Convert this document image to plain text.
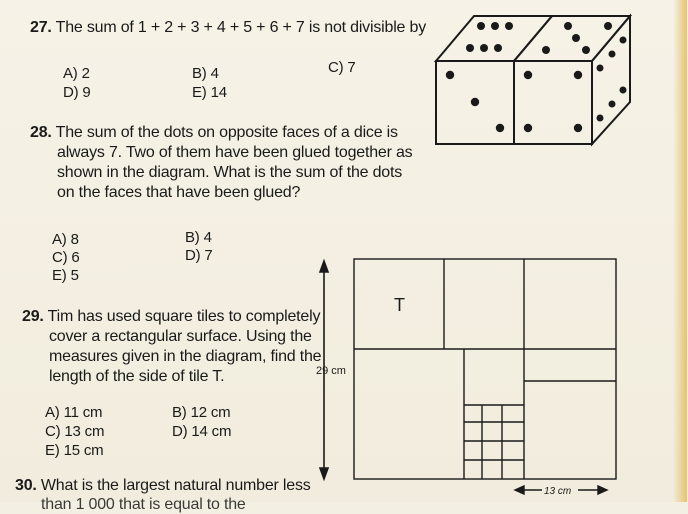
27. The sum of 1 + 2 + 3 + 4 + 5 + 6 + 7 is not divisible by
A) 2	B) 4	C) 7
D) 9	E) 14
28. The sum of the dots on opposite faces of a dice is
always 7. Two of them have been glued together as
shown in the diagram. What is the sum of the dots
on the faces that have been glued?
A) 8	B) 4
C) 6	D) 7
E) 5
29. Tim has used square tiles to completely
cover a rectangular surface. Using the
measures given in the diagram, find the
length of the side of tile T.
A) 11 cm	B) 12 cm
C) 13 cm	D) 14 cm
E) 15 cm
30. What is the largest natural number less
than 1 000 that is equal to the
29 cm
T
13 cm
